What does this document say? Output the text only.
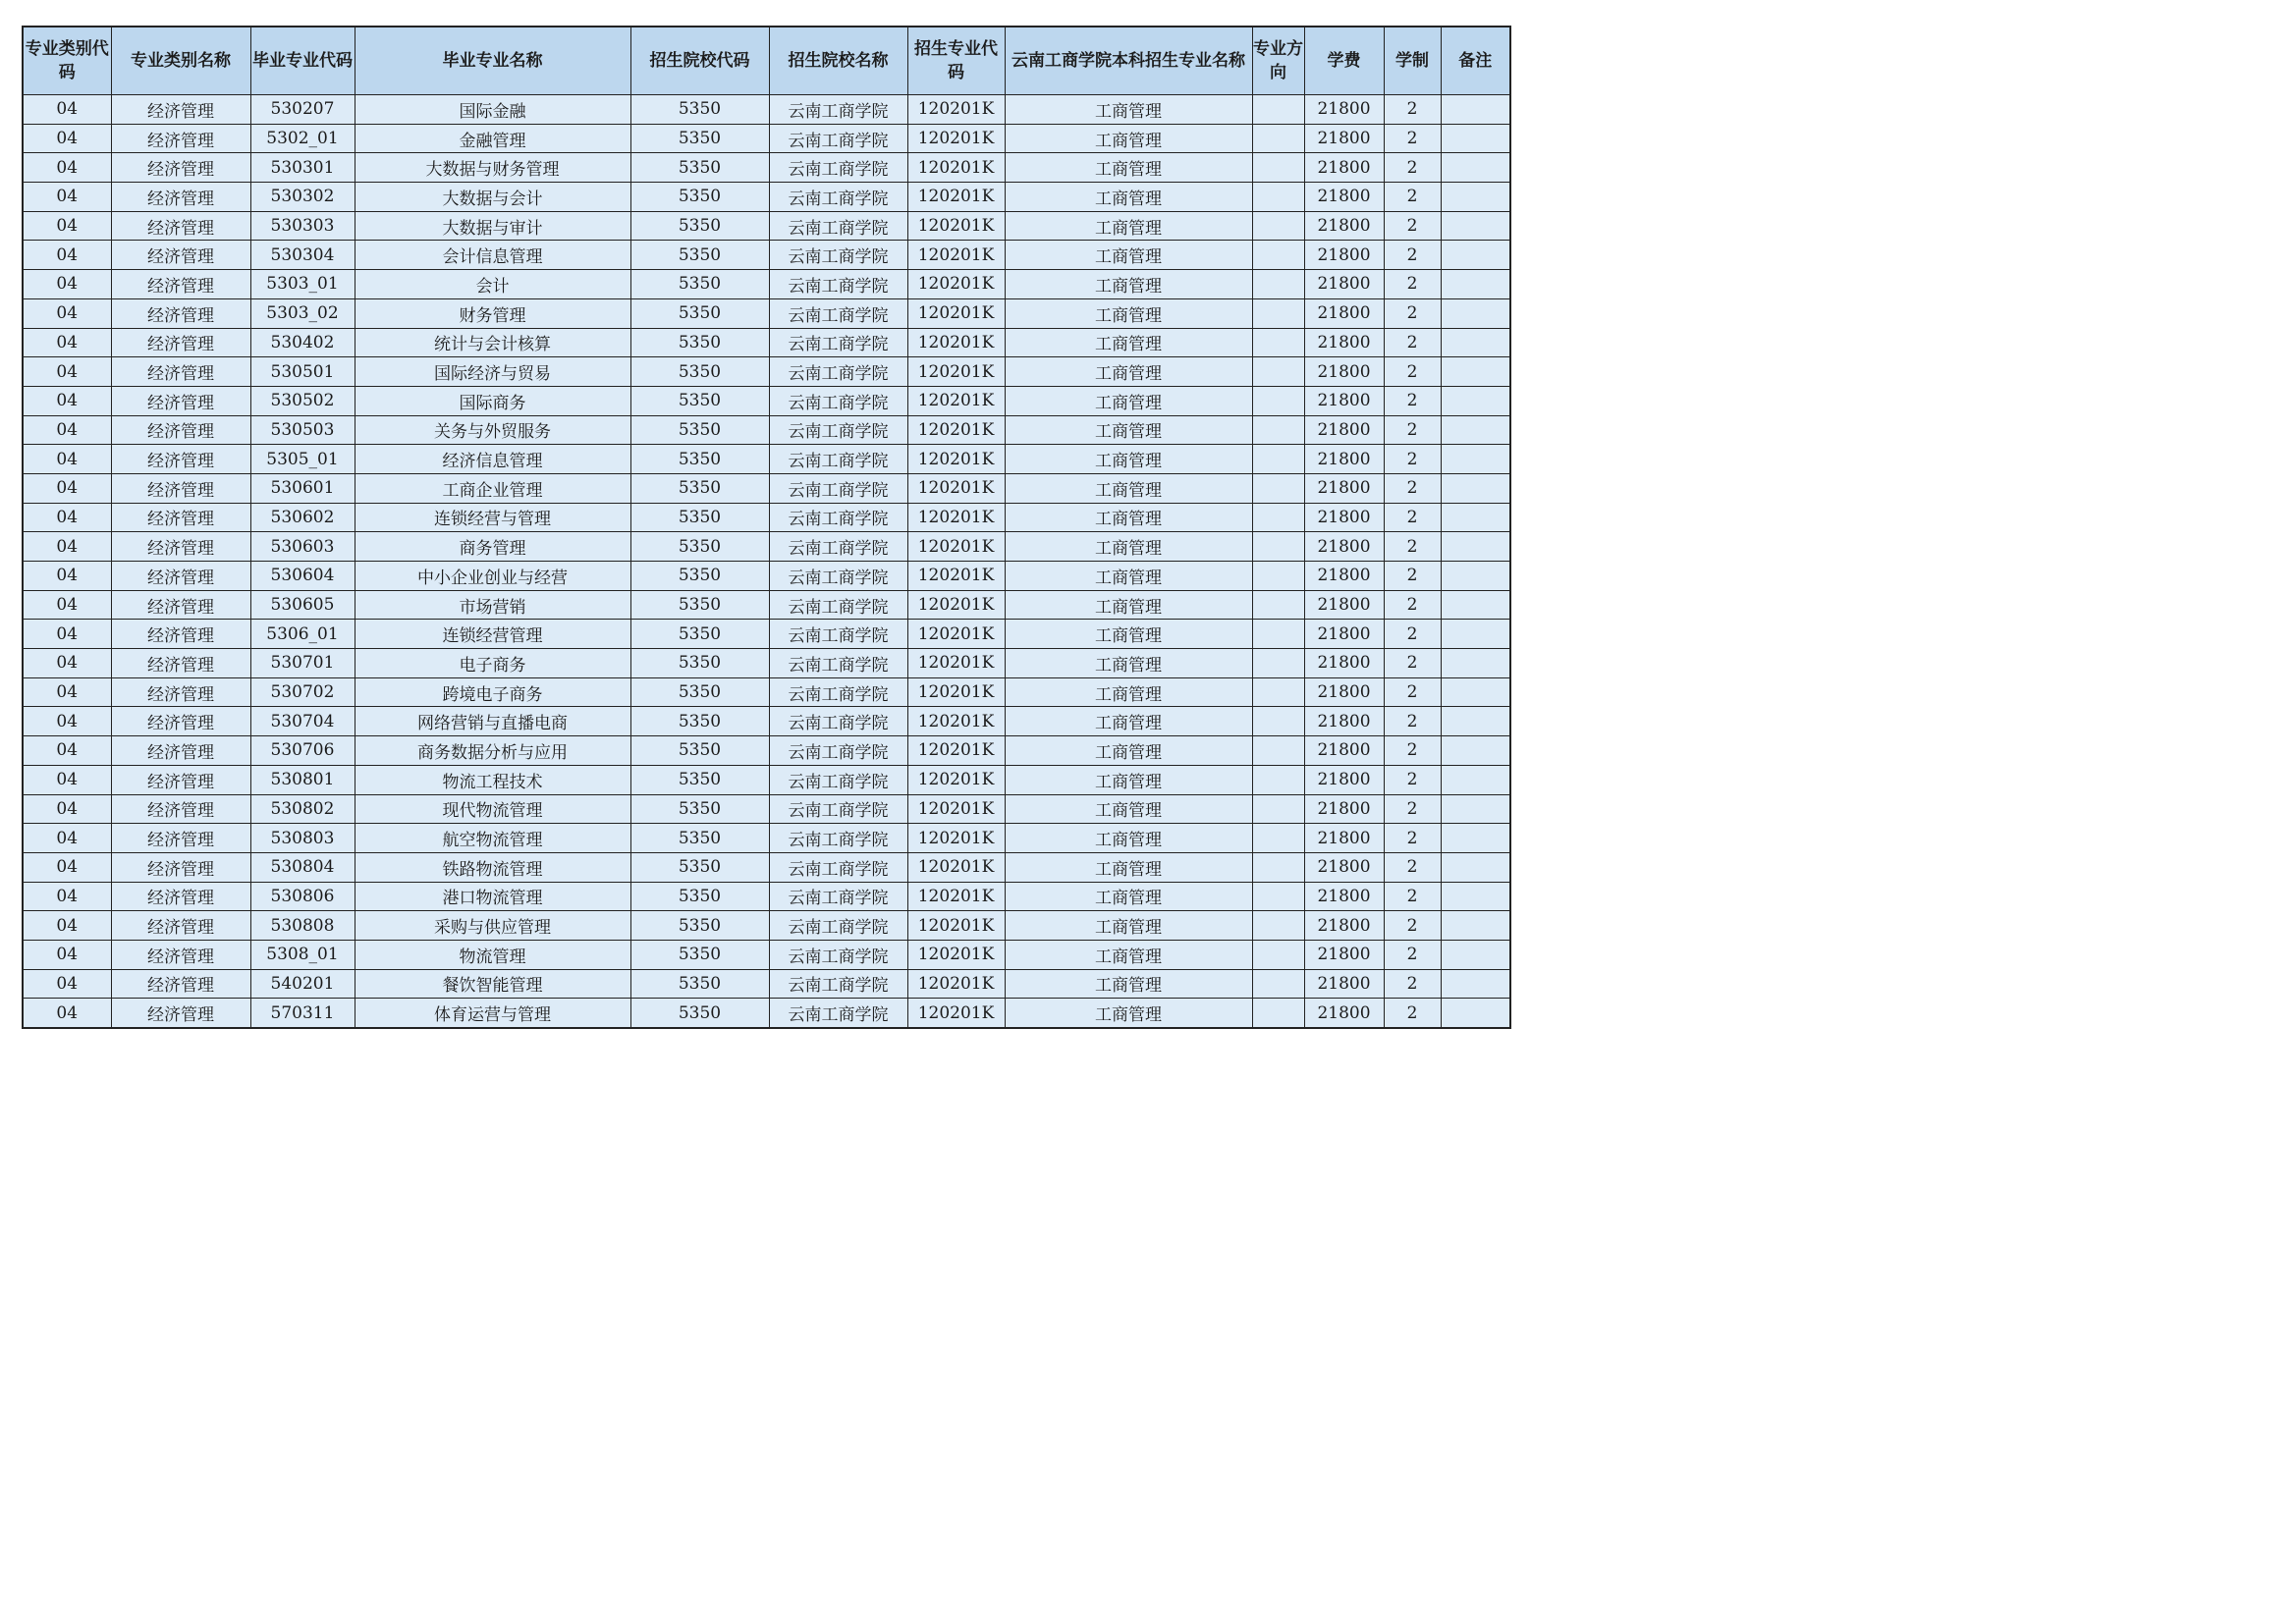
专业类别代码	专业类别名称	毕业专业代码	毕业专业名称	招生院校代码	招生院校名称	招生专业代码	云南工商学院本科招生专业名称	专业方向	学费	学制	备注
04	经济管理	530207	国际金融	5350	云南工商学院	120201K	工商管理		21800	2	
04	经济管理	5302_01	金融管理	5350	云南工商学院	120201K	工商管理		21800	2	
04	经济管理	530301	大数据与财务管理	5350	云南工商学院	120201K	工商管理		21800	2	
04	经济管理	530302	大数据与会计	5350	云南工商学院	120201K	工商管理		21800	2	
04	经济管理	530303	大数据与审计	5350	云南工商学院	120201K	工商管理		21800	2	
04	经济管理	530304	会计信息管理	5350	云南工商学院	120201K	工商管理		21800	2	
04	经济管理	5303_01	会计	5350	云南工商学院	120201K	工商管理		21800	2	
04	经济管理	5303_02	财务管理	5350	云南工商学院	120201K	工商管理		21800	2	
04	经济管理	530402	统计与会计核算	5350	云南工商学院	120201K	工商管理		21800	2	
04	经济管理	530501	国际经济与贸易	5350	云南工商学院	120201K	工商管理		21800	2	
04	经济管理	530502	国际商务	5350	云南工商学院	120201K	工商管理		21800	2	
04	经济管理	530503	关务与外贸服务	5350	云南工商学院	120201K	工商管理		21800	2	
04	经济管理	5305_01	经济信息管理	5350	云南工商学院	120201K	工商管理		21800	2	
04	经济管理	530601	工商企业管理	5350	云南工商学院	120201K	工商管理		21800	2	
04	经济管理	530602	连锁经营与管理	5350	云南工商学院	120201K	工商管理		21800	2	
04	经济管理	530603	商务管理	5350	云南工商学院	120201K	工商管理		21800	2	
04	经济管理	530604	中小企业创业与经营	5350	云南工商学院	120201K	工商管理		21800	2	
04	经济管理	530605	市场营销	5350	云南工商学院	120201K	工商管理		21800	2	
04	经济管理	5306_01	连锁经营管理	5350	云南工商学院	120201K	工商管理		21800	2	
04	经济管理	530701	电子商务	5350	云南工商学院	120201K	工商管理		21800	2	
04	经济管理	530702	跨境电子商务	5350	云南工商学院	120201K	工商管理		21800	2	
04	经济管理	530704	网络营销与直播电商	5350	云南工商学院	120201K	工商管理		21800	2	
04	经济管理	530706	商务数据分析与应用	5350	云南工商学院	120201K	工商管理		21800	2	
04	经济管理	530801	物流工程技术	5350	云南工商学院	120201K	工商管理		21800	2	
04	经济管理	530802	现代物流管理	5350	云南工商学院	120201K	工商管理		21800	2	
04	经济管理	530803	航空物流管理	5350	云南工商学院	120201K	工商管理		21800	2	
04	经济管理	530804	铁路物流管理	5350	云南工商学院	120201K	工商管理		21800	2	
04	经济管理	530806	港口物流管理	5350	云南工商学院	120201K	工商管理		21800	2	
04	经济管理	530808	采购与供应管理	5350	云南工商学院	120201K	工商管理		21800	2	
04	经济管理	5308_01	物流管理	5350	云南工商学院	120201K	工商管理		21800	2	
04	经济管理	540201	餐饮智能管理	5350	云南工商学院	120201K	工商管理		21800	2	
04	经济管理	570311	体育运营与管理	5350	云南工商学院	120201K	工商管理		21800	2	
